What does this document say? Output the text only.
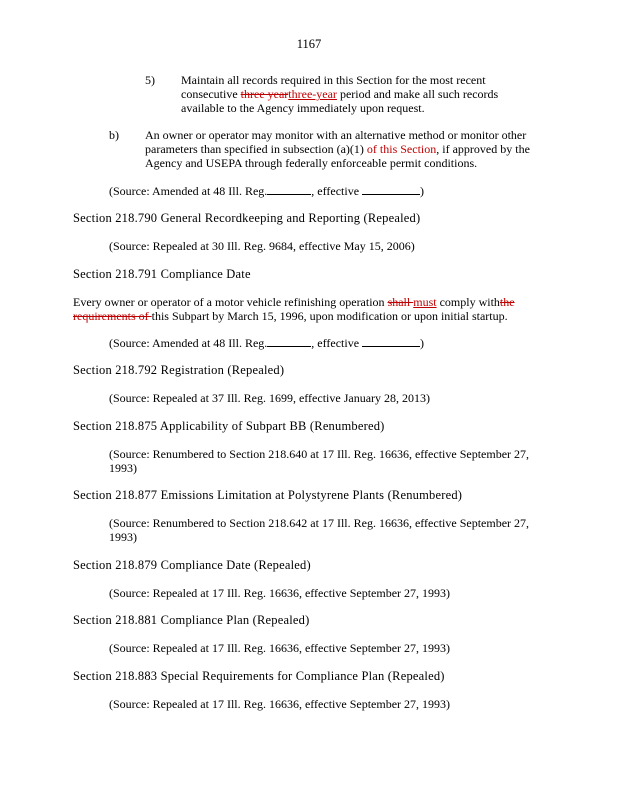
1167
5) Maintain all records required in this Section for the most recent consecutive three yearthree-year period and make all such records available to the Agency immediately upon request.
b) An owner or operator may monitor with an alternative method or monitor other parameters than specified in subsection (a)(1) of this Section, if approved by the Agency and USEPA through federally enforceable permit conditions.
(Source: Amended at 48 Ill. Reg.	, effective	)
Section 218.790 General Recordkeeping and Reporting (Repealed)
(Source: Repealed at 30 Ill. Reg. 9684, effective May 15, 2006)
Section 218.791 Compliance Date
Every owner or operator of a motor vehicle refinishing operation shall must comply withthe requirements of this Subpart by March 15, 1996, upon modification or upon initial startup.
(Source: Amended at 48 Ill. Reg.	, effective	)
Section 218.792 Registration (Repealed)
(Source: Repealed at 37 Ill. Reg. 1699, effective January 28, 2013)
Section 218.875 Applicability of Subpart BB (Renumbered)
(Source: Renumbered to Section 218.640 at 17 Ill. Reg. 16636, effective September 27, 1993)
Section 218.877 Emissions Limitation at Polystyrene Plants (Renumbered)
(Source: Renumbered to Section 218.642 at 17 Ill. Reg. 16636, effective September 27, 1993)
Section 218.879 Compliance Date (Repealed)
(Source: Repealed at 17 Ill. Reg. 16636, effective September 27, 1993)
Section 218.881 Compliance Plan (Repealed)
(Source: Repealed at 17 Ill. Reg. 16636, effective September 27, 1993)
Section 218.883 Special Requirements for Compliance Plan (Repealed)
(Source: Repealed at 17 Ill. Reg. 16636, effective September 27, 1993)
